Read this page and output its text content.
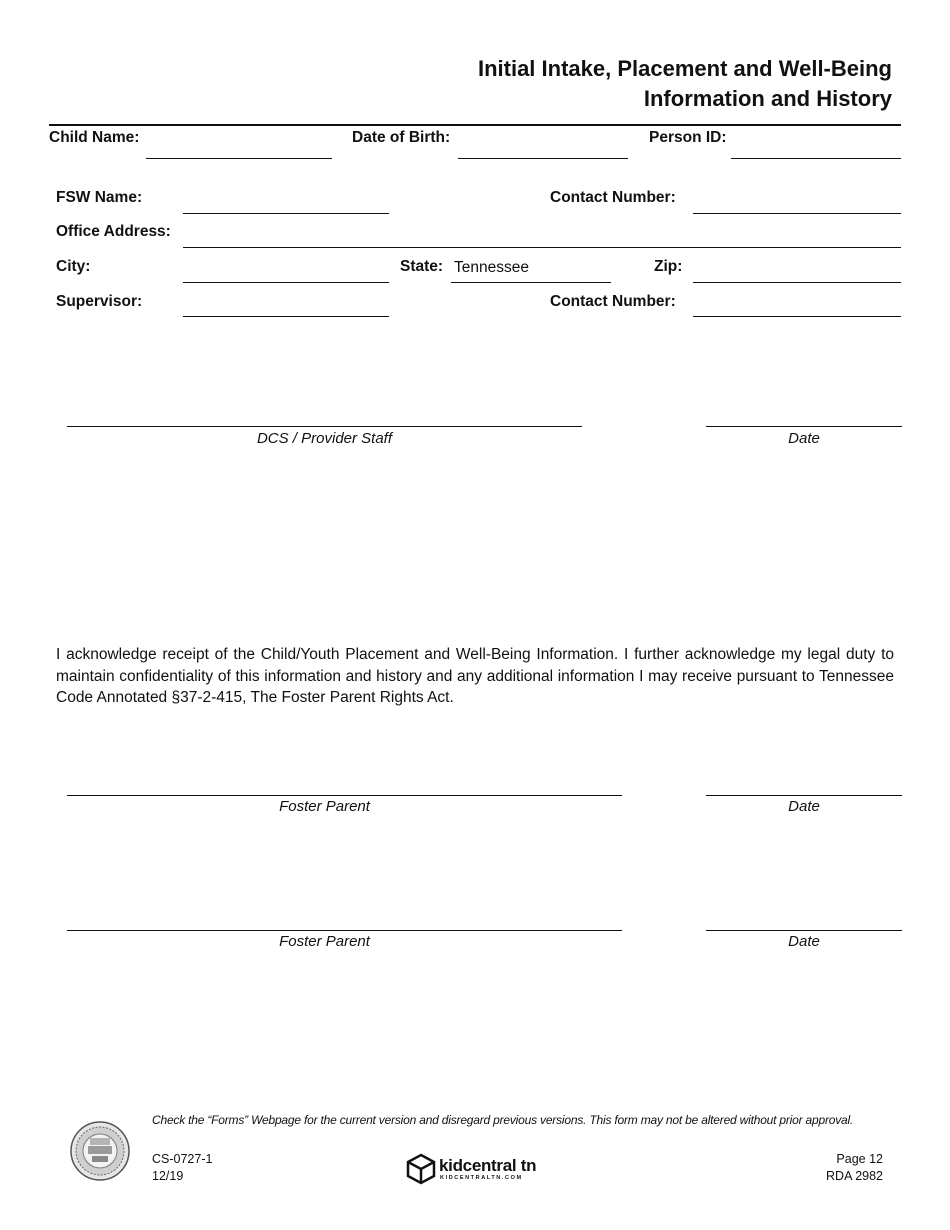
Initial Intake, Placement and Well-Being
Information and History
Child Name:	Date of Birth:	Person ID:
FSW Name:	Contact Number:
Office Address:
City:	State: Tennessee	Zip:
Supervisor:	Contact Number:
DCS / Provider Staff	Date
I acknowledge receipt of the Child/Youth Placement and Well-Being Information. I further acknowledge my legal duty to maintain confidentiality of this information and history and any additional information I may receive pursuant to Tennessee Code Annotated §37-2-415, The Foster Parent Rights Act.
Foster Parent	Date
Foster Parent	Date
Check the “Forms” Webpage for the current version and disregard previous versions. This form may not be altered without prior approval.
CS-0727-1
12/19
kidcentral tn
KIDCENTRALTN.COM
Page 12
RDA 2982
